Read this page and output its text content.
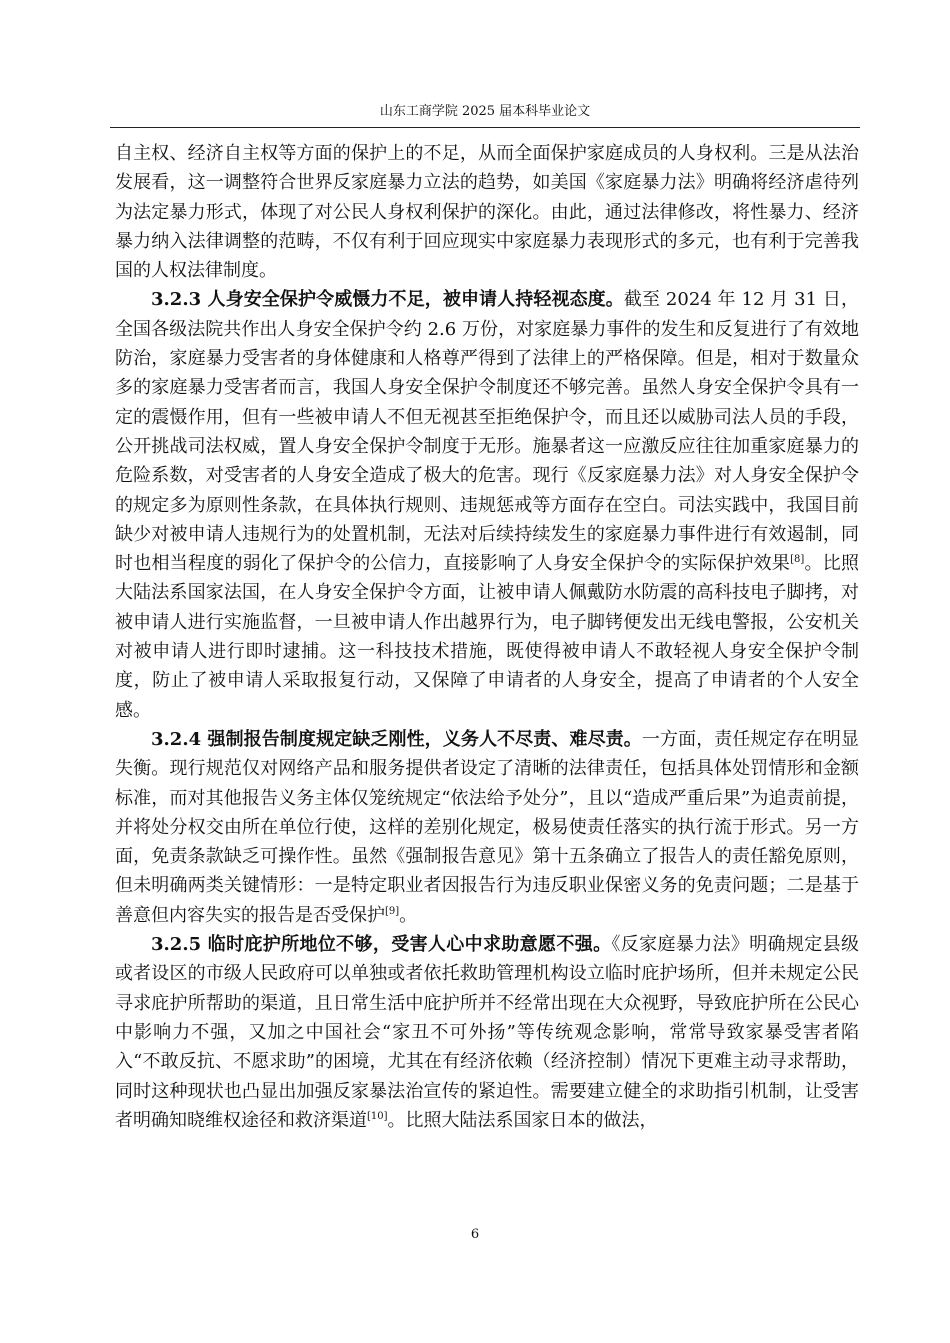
山东工商学院 2025 届本科毕业论文

自主权、经济自主权等方面的保护上的不足，从而全面保护家庭成员的人身权利。三是从法治发展看，这一调整符合世界反家庭暴力立法的趋势，如美国《家庭暴力法》明确将经济虐待列为法定暴力形式，体现了对公民人身权利保护的深化。由此，通过法律修改，将性暴力、经济暴力纳入法律调整的范畴，不仅有利于回应现实中家庭暴力表现形式的多元，也有利于完善我国的人权法律制度。

3.2.3 人身安全保护令威慑力不足，被申请人持轻视态度。截至 2024 年 12 月 31 日，全国各级法院共作出人身安全保护令约 2.6 万份，对家庭暴力事件的发生和反复进行了有效地防治，家庭暴力受害者的身体健康和人格尊严得到了法律上的严格保障。但是，相对于数量众多的家庭暴力受害者而言，我国人身安全保护令制度还不够完善。虽然人身安全保护令具有一定的震慑作用，但有一些被申请人不但无视甚至拒绝保护令，而且还以威胁司法人员的手段，公开挑战司法权威，置人身安全保护令制度于无形。施暴者这一应激反应往往加重家庭暴力的危险系数，对受害者的人身安全造成了极大的危害。现行《反家庭暴力法》对人身安全保护令的规定多为原则性条款，在具体执行规则、违规惩戒等方面存在空白。司法实践中，我国目前缺少对被申请人违规行为的处置机制，无法对后续持续发生的家庭暴力事件进行有效遏制，同时也相当程度的弱化了保护令的公信力，直接影响了人身安全保护令的实际保护效果[8]。比照大陆法系国家法国，在人身安全保护令方面，让被申请人佩戴防水防震的高科技电子脚拷，对被申请人进行实施监督，一旦被申请人作出越界行为，电子脚铐便发出无线电警报，公安机关对被申请人进行即时逮捕。这一科技技术措施，既使得被申请人不敢轻视人身安全保护令制度，防止了被申请人采取报复行动，又保障了申请者的人身安全，提高了申请者的个人安全感。

3.2.4 强制报告制度规定缺乏刚性，义务人不尽责、难尽责。一方面，责任规定存在明显失衡。现行规范仅对网络产品和服务提供者设定了清晰的法律责任，包括具体处罚情形和金额标准，而对其他报告义务主体仅笼统规定“依法给予处分”，且以“造成严重后果”为追责前提，并将处分权交由所在单位行使，这样的差别化规定，极易使责任落实的执行流于形式。另一方面，免责条款缺乏可操作性。虽然《强制报告意见》第十五条确立了报告人的责任豁免原则，但未明确两类关键情形：一是特定职业者因报告行为违反职业保密义务的免责问题；二是基于善意但内容失实的报告是否受保护[9]。

3.2.5 临时庇护所地位不够，受害人心中求助意愿不强。《反家庭暴力法》明确规定县级或者设区的市级人民政府可以单独或者依托救助管理机构设立临时庇护场所，但并未规定公民寻求庇护所帮助的渠道，且日常生活中庇护所并不经常出现在大众视野，导致庇护所在公民心中影响力不强，又加之中国社会“家丑不可外扬”等传统观念影响，常常导致家暴受害者陷入“不敢反抗、不愿求助”的困境，尤其在有经济依赖（经济控制）情况下更难主动寻求帮助，同时这种现状也凸显出加强反家暴法治宣传的紧迫性。需要建立健全的求助指引机制，让受害者明确知晓维权途径和救济渠道[10]。比照大陆法系国家日本的做法，

6
